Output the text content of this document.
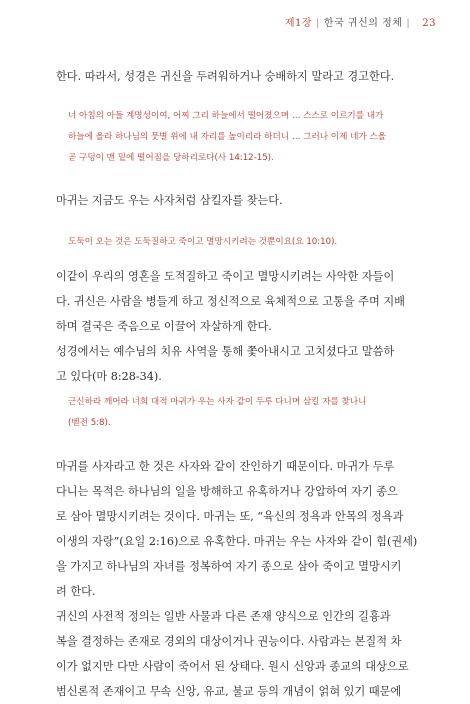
제1장 | 한국 귀신의 정체 | 23
한다. 따라서, 성경은 귀신을 두려워하거나 숭배하지 말라고 경고한다.
너 아침의 아들 계명성이여, 어찌 그리 하늘에서 떨어졌으며 … 스스로 이르기를 내가
하늘에 올라 하나님의 뭇별 위에 내 자리를 높이리라 하더니 … 그러나 이제 네가 스올
곧 구덩이 맨 밑에 떨어짐을 당하리로다(사 14:12-15).
마귀는 지금도 우는 사자처럼 삼킬자를 찾는다.
도둑이 오는 것은 도둑질하고 죽이고 멸망시키려는 것뿐이요(요 10:10).
이같이 우리의 영혼을 도적질하고 죽이고 멸망시키려는 사악한 자들이
다. 귀신은 사람을 병들게 하고 정신적으로 육체적으로 고통을 주며 지배
하며 결국은 죽음으로 이끌어 자살하게 한다.
성경에서는 예수님의 치유 사역을 통해 쫓아내시고 고치셨다고 말씀하
고 있다(마 8:28-34).
근신하라 깨어라 너희 대적 마귀가 우는 사자 같이 두루 다니며 삼킬 자를 찾나니
(벧전 5:8).
마귀를 사자라고 한 것은 사자와 같이 잔인하기 때문이다. 마귀가 두루
다니는 목적은 하나님의 일을 방해하고 유혹하거나 강압하여 자기 종으
로 삼아 멸망시키려는 것이다. 마귀는 또, “육신의 정욕과 안목의 정욕과
이생의 자랑”(요일 2:16)으로 유혹한다. 마귀는 우는 사자와 같이 힘(권세)
을 가지고 하나님의 자녀를 정복하여 자기 종으로 삼아 죽이고 멸망시키
려 한다.
귀신의 사전적 정의는 일반 사물과 다른 존재 양식으로 인간의 길흉과
복을 결정하는 존재로 경외의 대상이거나 권능이다. 사람과는 본질적 차
이가 없지만 다만 사람이 죽어서 된 상태다. 원시 신앙과 종교의 대상으로
범신론적 존재이고 무속 신앙, 유교, 불교 등의 개념이 얽혀 있기 때문에
